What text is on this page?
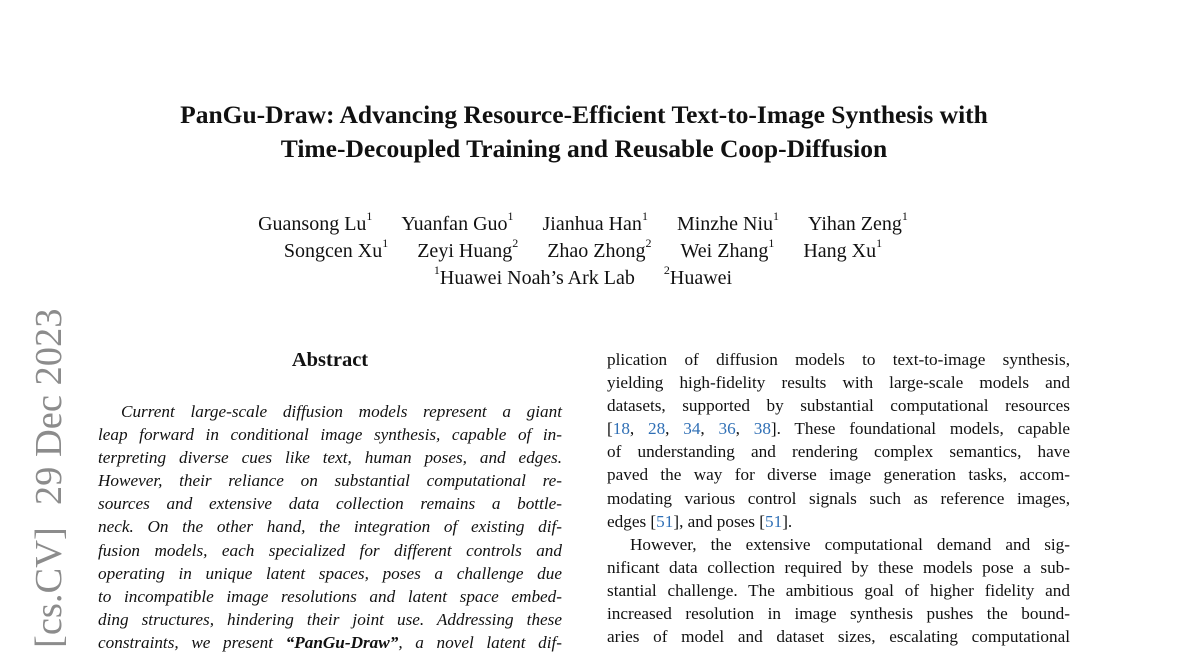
PanGu-Draw: Advancing Resource-Efficient Text-to-Image Synthesis with
Time-Decoupled Training and Reusable Coop-Diffusion
Guansong Lu$^1$ Yuanfan Guo$^1$ Jianhua Han$^1$ Minzhe Niu$^1$ Yihan Zeng$^1$
Songcen Xu$^1$ Zeyi Huang$^2$ Zhao Zhong$^2$ Wei Zhang$^1$ Hang Xu$^1$
$^1$Huawei Noah’s Ark Lab $^2$Huawei
[cs.CV]29 Dec 2023	Abstract
Current large-scale diffusion models represent a giant
leap forward in conditional image synthesis, capable of in-
terpreting diverse cues like text, human poses, and edges.
However, their reliance on substantial computational re-
sources and extensive data collection remains a bottle-
neck. On the other hand, the integration of existing dif-
fusion models, each specialized for different controls and
operating in unique latent spaces, poses a challenge due
to incompatible image resolutions and latent space embed-
ding structures, hindering their joint use. Addressing these
constraints, we present “PanGu-Draw”, a novel latent dif-
plication of diffusion models to text-to-image synthesis,
yielding high-fidelity results with large-scale models and
datasets, supported by substantial computational resources
[18, 28, 34, 36, 38]. These foundational models, capable
of understanding and rendering complex semantics, have
paved the way for diverse image generation tasks, accom-
modating various control signals such as reference images,
edges [51], and poses [51].
However, the extensive computational demand and sig-
nificant data collection required by these models pose a sub-
stantial challenge. The ambitious goal of higher fidelity and
increased resolution in image synthesis pushes the bound-
aries of model and dataset sizes, escalating computational
